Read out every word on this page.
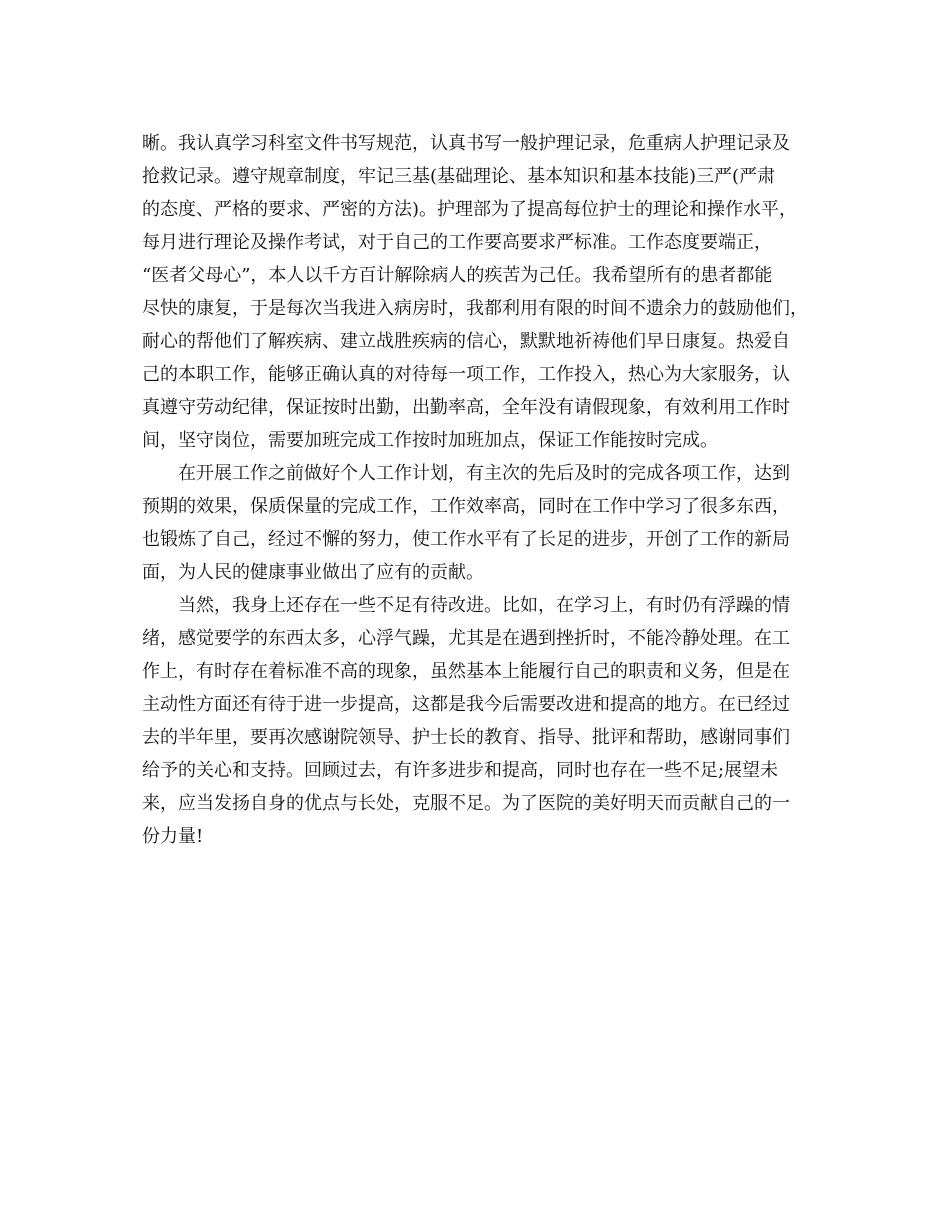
晰。我认真学习科室文件书写规范，认真书写一般护理记录，危重病人护理记录及
抢救记录。遵守规章制度，牢记三基(基础理论、基本知识和基本技能)三严(严肃
的态度、严格的要求、严密的方法)。护理部为了提高每位护士的理论和操作水平，
每月进行理论及操作考试，对于自己的工作要高要求严标准。工作态度要端正，
“医者父母心”，本人以千方百计解除病人的疾苦为己任。我希望所有的患者都能
尽快的康复，于是每次当我进入病房时，我都利用有限的时间不遗余力的鼓励他们，
耐心的帮他们了解疾病、建立战胜疾病的信心，默默地祈祷他们早日康复。热爱自
己的本职工作，能够正确认真的对待每一项工作，工作投入，热心为大家服务，认
真遵守劳动纪律，保证按时出勤，出勤率高，全年没有请假现象，有效利用工作时
间，坚守岗位，需要加班完成工作按时加班加点，保证工作能按时完成。
在开展工作之前做好个人工作计划，有主次的先后及时的完成各项工作，达到
预期的效果，保质保量的完成工作，工作效率高，同时在工作中学习了很多东西，
也锻炼了自己，经过不懈的努力，使工作水平有了长足的进步，开创了工作的新局
面，为人民的健康事业做出了应有的贡献。
当然，我身上还存在一些不足有待改进。比如，在学习上，有时仍有浮躁的情
绪，感觉要学的东西太多，心浮气躁，尤其是在遇到挫折时，不能冷静处理。在工
作上，有时存在着标准不高的现象，虽然基本上能履行自己的职责和义务，但是在
主动性方面还有待于进一步提高，这都是我今后需要改进和提高的地方。在已经过
去的半年里，要再次感谢院领导、护士长的教育、指导、批评和帮助，感谢同事们
给予的关心和支持。回顾过去，有许多进步和提高，同时也存在一些不足;展望未
来，应当发扬自身的优点与长处，克服不足。为了医院的美好明天而贡献自己的一
份力量!
